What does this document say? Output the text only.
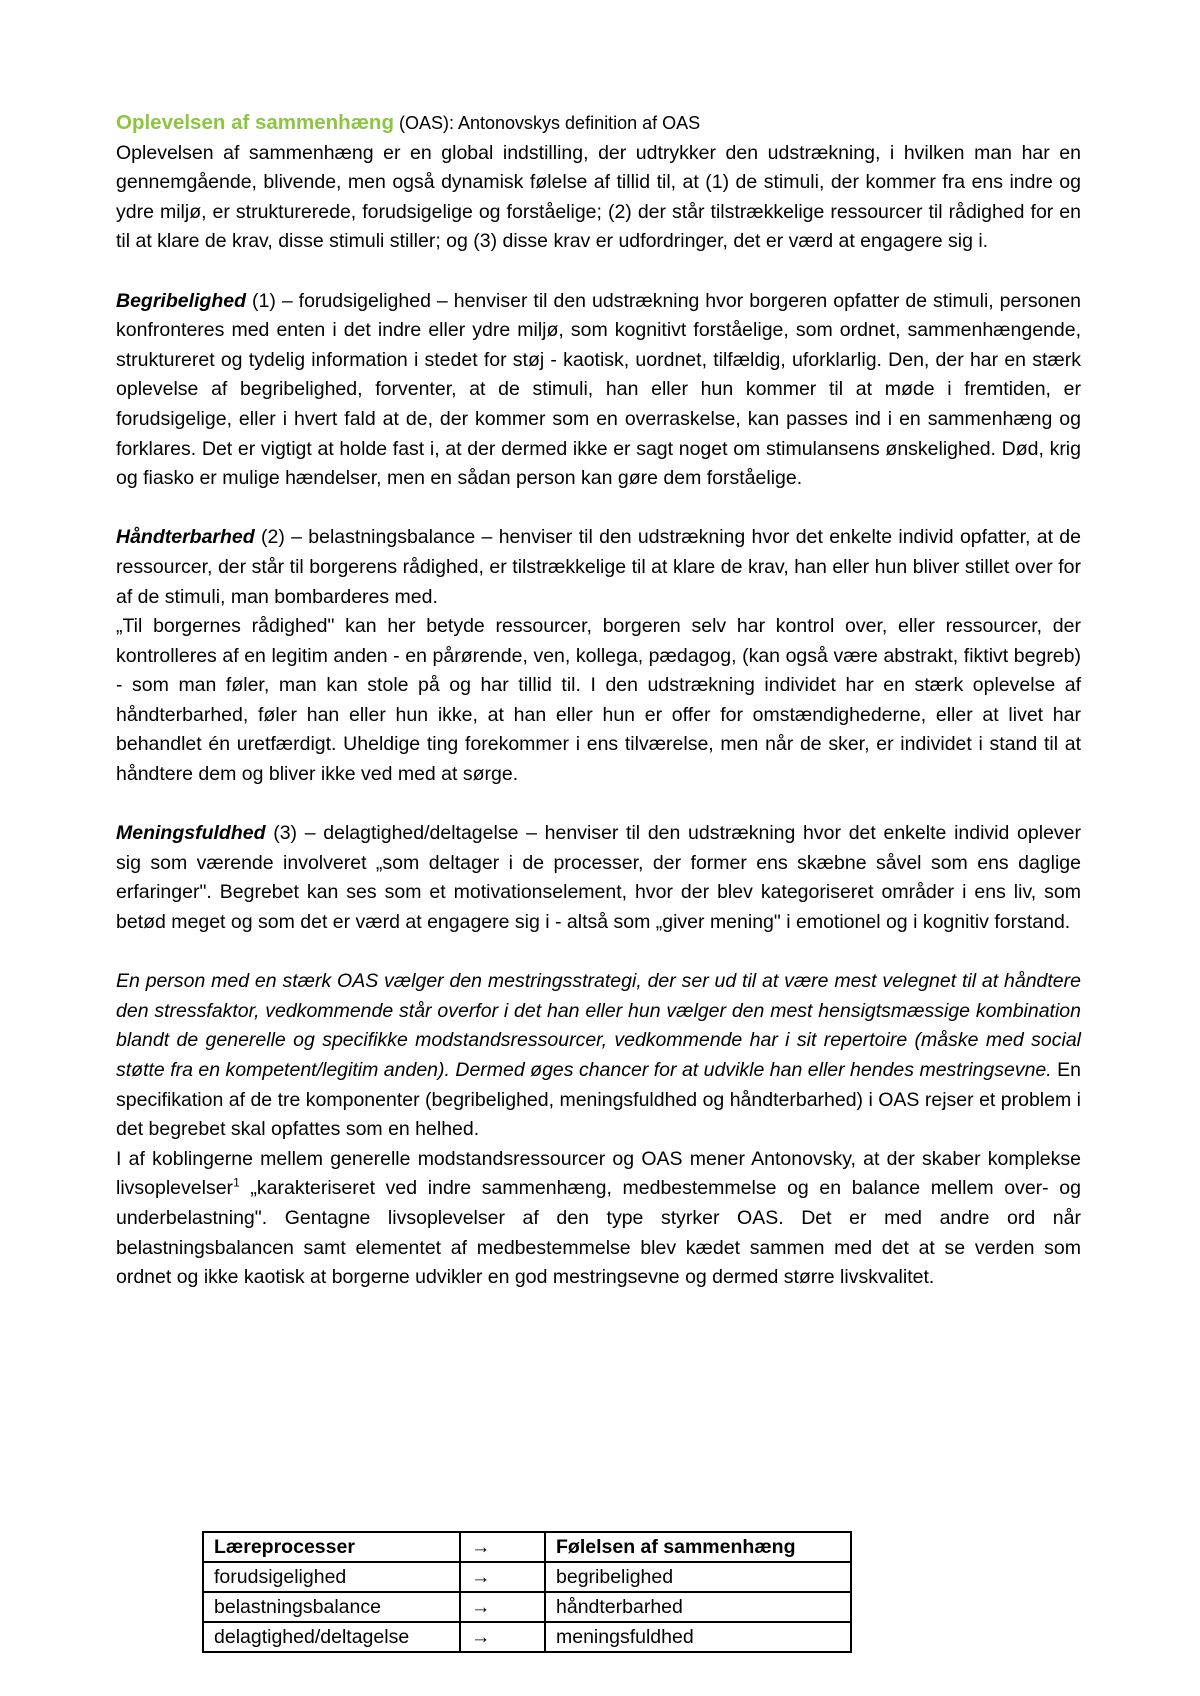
Oplevelsen af sammenhæng (OAS): Antonovskys definition af OAS

Oplevelsen af sammenhæng er en global indstilling, der udtrykker den udstrækning, i hvilken man har en gennemgående, blivende, men også dynamisk følelse af tillid til, at (1) de stimuli, der kommer fra ens indre og ydre miljø, er strukturerede, forudsigelige og forståelige; (2) der står tilstrækkelige ressourcer til rådighed for en til at klare de krav, disse stimuli stiller; og (3) disse krav er udfordringer, det er værd at engagere sig i.

Begribelighed (1) – forudsigelighed – henviser til den udstrækning hvor borgeren opfatter de stimuli, personen konfronteres med enten i det indre eller ydre miljø, som kognitivt forståelige, som ordnet, sammenhængende, struktureret og tydelig information i stedet for støj - kaotisk, uordnet, tilfældig, uforklarlig. Den, der har en stærk oplevelse af begribelighed, forventer, at de stimuli, han eller hun kommer til at møde i fremtiden, er forudsigelige, eller i hvert fald at de, der kommer som en overraskelse, kan passes ind i en sammenhæng og forklares. Det er vigtigt at holde fast i, at der dermed ikke er sagt noget om stimulansens ønskelighed. Død, krig og fiasko er mulige hændelser, men en sådan person kan gøre dem forståelige.

Håndterbarhed (2) – belastningsbalance – henviser til den udstrækning hvor det enkelte individ opfatter, at de ressourcer, der står til borgerens rådighed, er tilstrækkelige til at klare de krav, han eller hun bliver stillet over for af de stimuli, man bombarderes med.

„Til borgernes rådighed" kan her betyde ressourcer, borgeren selv har kontrol over, eller ressourcer, der kontrolleres af en legitim anden - en pårørende, ven, kollega, pædagog, (kan også være abstrakt, fiktivt begreb) - som man føler, man kan stole på og har tillid til. I den udstrækning individet har en stærk oplevelse af håndterbarhed, føler han eller hun ikke, at han eller hun er offer for omstændighederne, eller at livet har behandlet én uretfærdigt. Uheldige ting forekommer i ens tilværelse, men når de sker, er individet i stand til at håndtere dem og bliver ikke ved med at sørge.

Meningsfuldhed (3) – delagtighed/deltagelse – henviser til den udstrækning hvor det enkelte individ oplever sig som værende involveret „som deltager i de processer, der former ens skæbne såvel som ens daglige erfaringer". Begrebet kan ses som et motivationselement, hvor der blev kategoriseret områder i ens liv, som betød meget og som det er værd at engagere sig i - altså som „giver mening" i emotionel og i kognitiv forstand.

En person med en stærk OAS vælger den mestringsstrategi, der ser ud til at være mest velegnet til at håndtere den stressfaktor, vedkommende står overfor i det han eller hun vælger den mest hensigtsmæssige kombination blandt de generelle og specifikke modstandsressourcer, vedkommende har i sit repertoire (måske med social støtte fra en kompetent/legitim anden). Dermed øges chancer for at udvikle han eller hendes mestringsevne. En specifikation af de tre komponenter (begribelighed, meningsfuldhed og håndterbarhed) i OAS rejser et problem i det begrebet skal opfattes som en helhed.

I af koblingerne mellem generelle modstandsressourcer og OAS mener Antonovsky, at der skaber komplekse livsoplevelser$^1$ „karakteriseret ved indre sammenhæng, medbestemmelse og en balance mellem over- og underbelastning". Gentagne livsoplevelser af den type styrker OAS. Det er med andre ord når belastningsbalancen samt elementet af medbestemmelse blev kædet sammen med det at se verden som ordnet og ikke kaotisk at borgerne udvikler en god mestringsevne og dermed større livskvalitet.

Læreprocesser	→	Følelsen af sammenhæng
forudsigelighed	→	begribelighed
belastningsbalance	→	håndterbarhed
delagtighed/deltagelse	→	meningsfuldhed
